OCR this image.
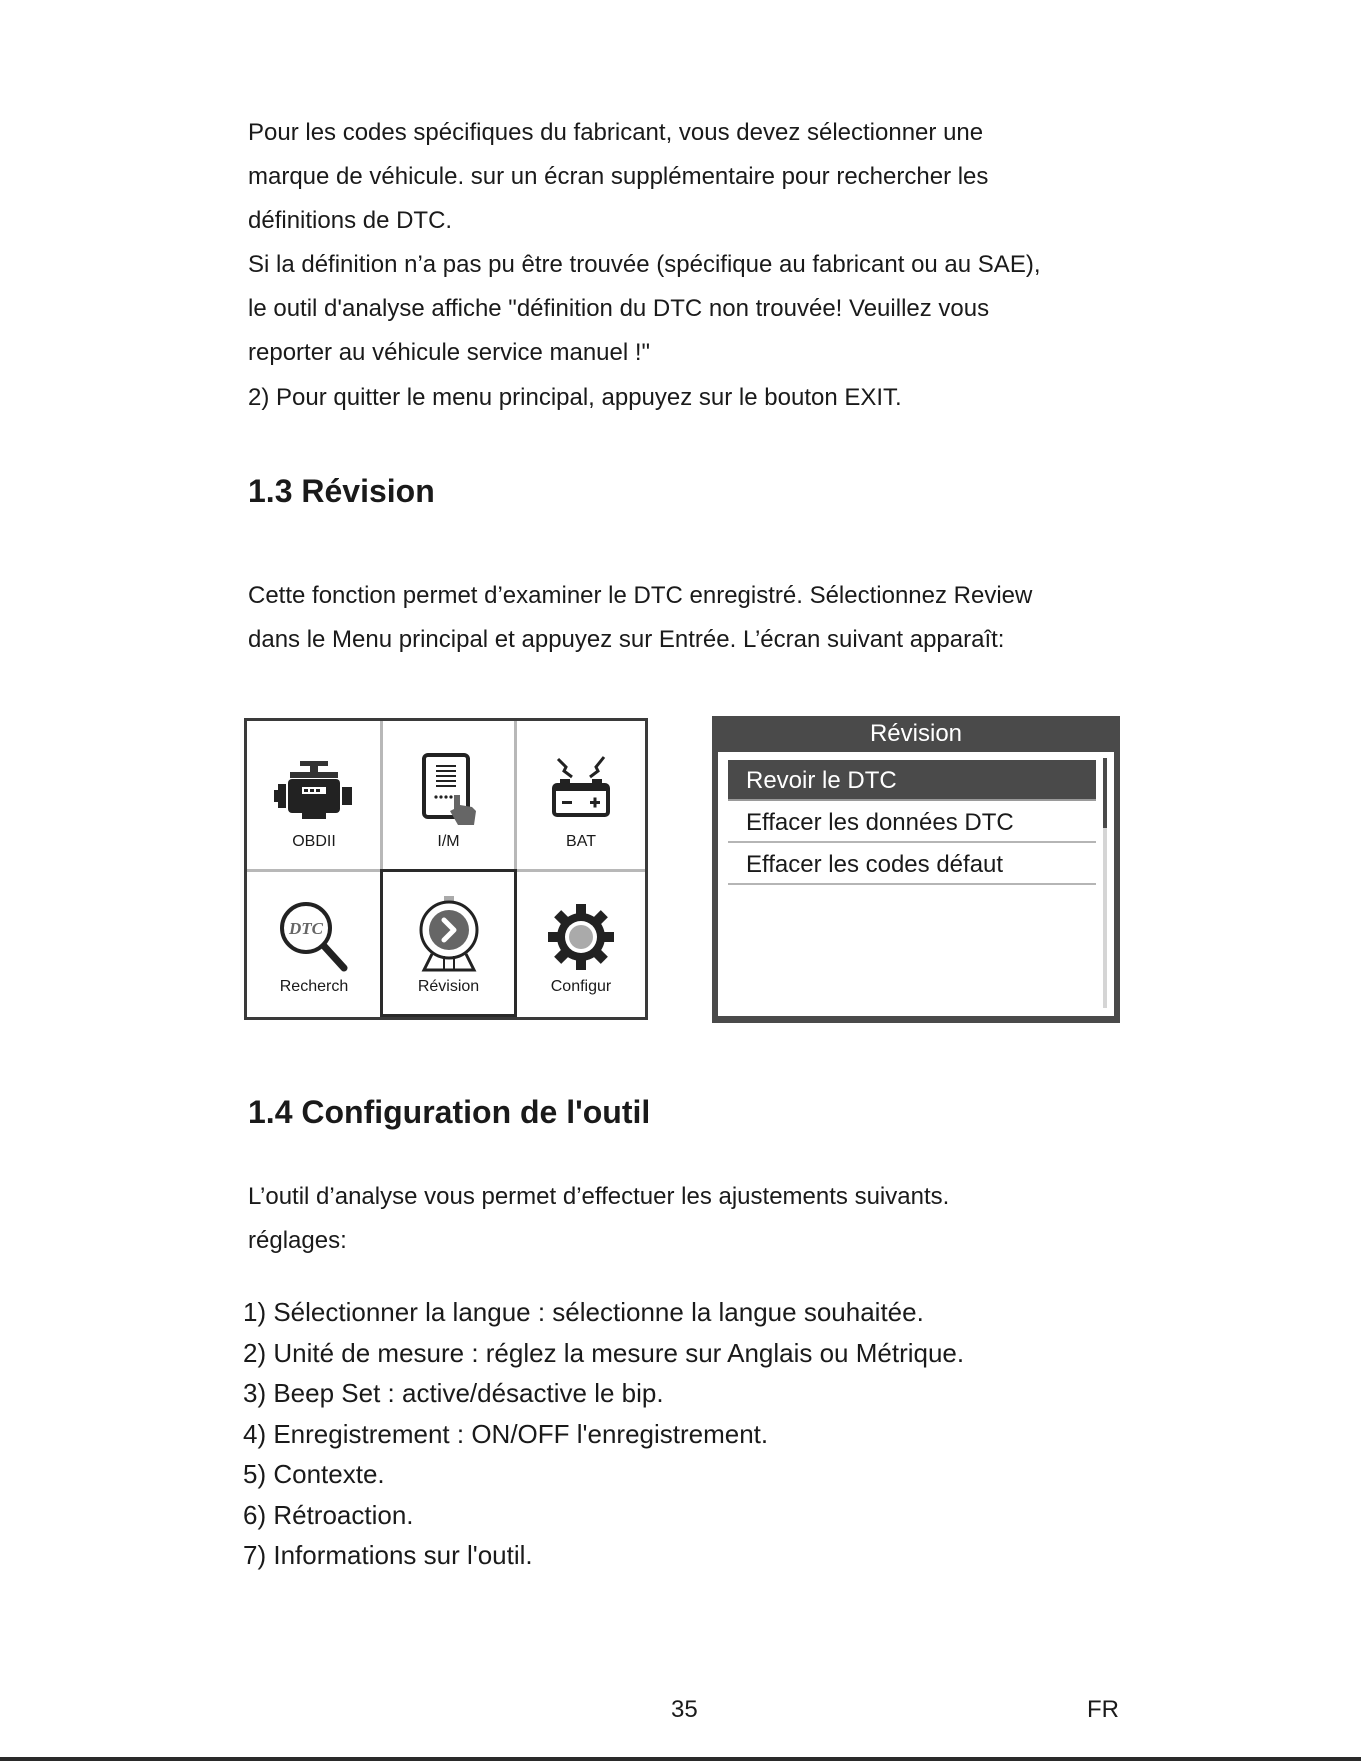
Pour les codes spécifiques du fabricant, vous devez sélectionner une

marque de véhicule. sur un écran supplémentaire pour rechercher les

définitions de DTC.

Si la définition n’a pas pu être trouvée (spécifique au fabricant ou au SAE),

le outil d'analyse affiche "définition du DTC non trouvée! Veuillez vous

reporter au véhicule service manuel !"

2) Pour quitter le menu principal, appuyez sur le bouton EXIT.

1.3 Révision

Cette fonction permet d’examiner le DTC enregistré. Sélectionnez Review

dans le Menu principal et appuyez sur Entrée. L’écran suivant apparaît:

OBDII	I/M	BAT
DTC
Recherch	Révision	Configur
Révision
Revoir le DTC
Effacer les données DTC
Effacer les codes défaut
1.4 Configuration de l'outil

L’outil d’analyse vous permet d’effectuer les ajustements suivants.

réglages:

1) Sélectionner la langue : sélectionne la langue souhaitée.
2) Unité de mesure : réglez la mesure sur Anglais ou Métrique.
3) Beep Set : active/désactive le bip.
4) Enregistrement : ON/OFF l'enregistrement.
5) Contexte.
6) Rétroaction.
7) Informations sur l'outil.
35	FR
